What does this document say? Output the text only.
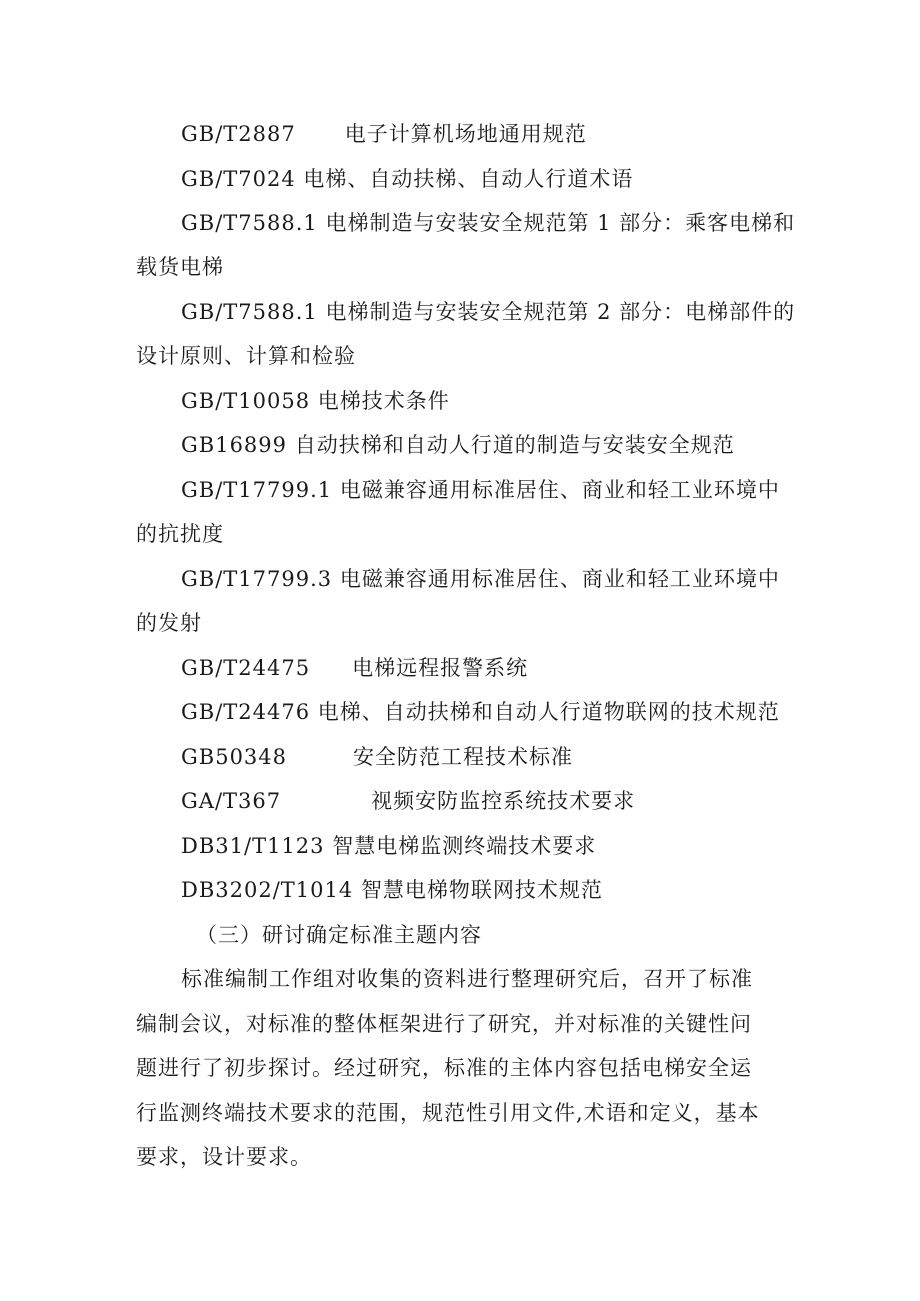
GB/T2887 电子计算机场地通用规范
GB/T7024 电梯、自动扶梯、自动人行道术语
GB/T7588.1 电梯制造与安装安全规范第 1 部分：乘客电梯和
载货电梯
GB/T7588.1 电梯制造与安装安全规范第 2 部分：电梯部件的
设计原则、计算和检验
GB/T10058 电梯技术条件
GB16899 自动扶梯和自动人行道的制造与安装安全规范
GB/T17799.1 电磁兼容通用标准居住、商业和轻工业环境中
的抗扰度
GB/T17799.3 电磁兼容通用标准居住、商业和轻工业环境中
的发射
GB/T24475 电梯远程报警系统
GB/T24476 电梯、自动扶梯和自动人行道物联网的技术规范
GB50348	安全防范工程技术标准
GA/T367	视频安防监控系统技术要求
DB31/T1123 智慧电梯监测终端技术要求
DB3202/T1014 智慧电梯物联网技术规范
（三）研讨确定标准主题内容
标准编制工作组对收集的资料进行整理研究后，召开了标准
编制会议，对标准的整体框架进行了研究，并对标准的关键性问
题进行了初步探讨。经过研究，标准的主体内容包括电梯安全运
行监测终端技术要求的范围，规范性引用文件,术语和定义，基本
要求，设计要求。
